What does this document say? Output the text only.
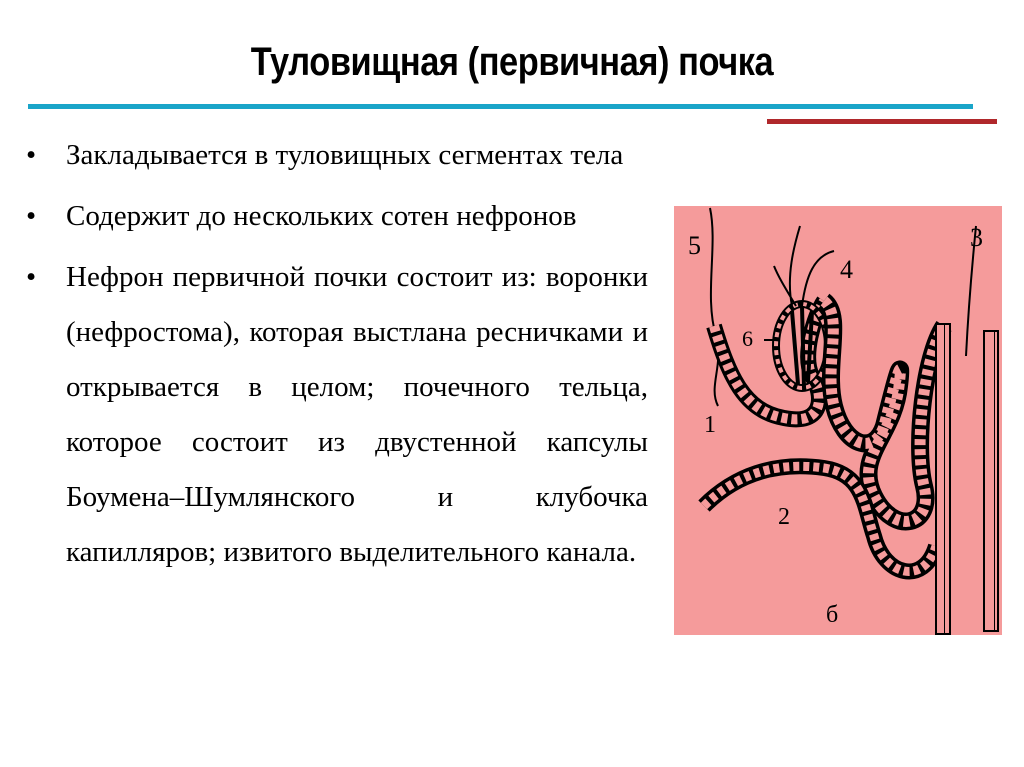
Туловищная (первичная) почка
• Закладывается в туловищных сегментах тела
• Содержит до нескольких сотен нефронов
• Нефрон первичной почки состоит из: воронки (нефростома), которая выстлана ресничками и открывается в целом; почечного тельца, которое состоит из двустенной капсулы Боумена–Шумлянского и клубочка капилляров; извитого выделительного канала.
5
4
3
6
1
2
б
